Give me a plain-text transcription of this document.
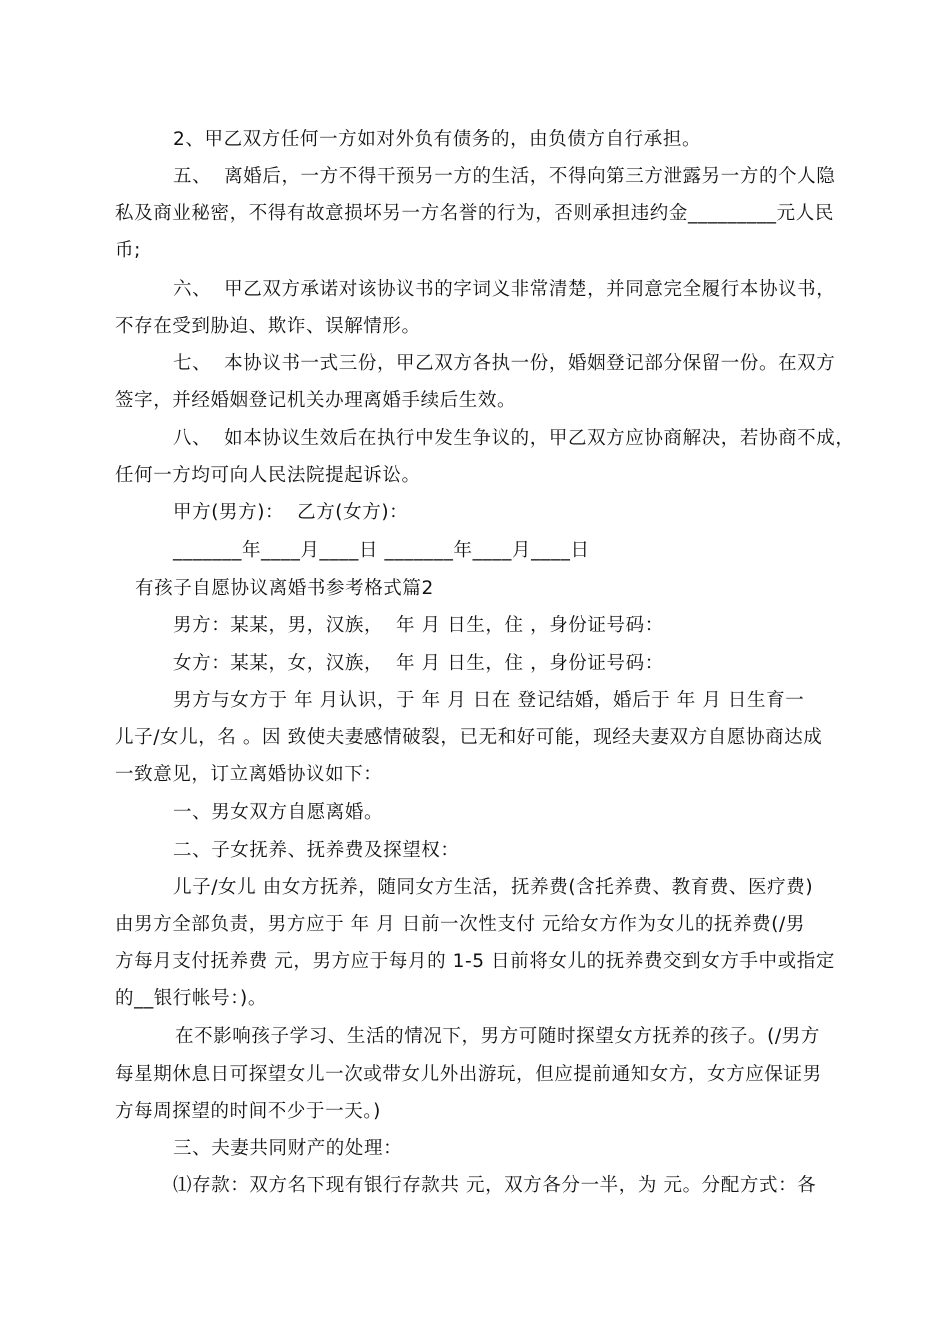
2、甲乙双方任何一方如对外负有债务的，由负债方自行承担。
五、  离婚后，一方不得干预另一方的生活，不得向第三方泄露另一方的个人隐
私及商业秘密，不得有故意损坏另一方名誉的行为，否则承担违约金_________元人民
币;
六、  甲乙双方承诺对该协议书的字词义非常清楚，并同意完全履行本协议书，
不存在受到胁迫、欺诈、误解情形。
七、  本协议书一式三份，甲乙双方各执一份，婚姻登记部分保留一份。在双方
签字，并经婚姻登记机关办理离婚手续后生效。
八、  如本协议生效后在执行中发生争议的，甲乙双方应协商解决，若协商不成，
任何一方均可向人民法院提起诉讼。
甲方(男方)：  乙方(女方)：
_______年____月____日 _______年____月____日
有孩子自愿协议离婚书参考格式篇2
男方：某某，男，汉族，  年 月 日生，住 ，身份证号码：
女方：某某，女，汉族，  年 月 日生，住 ，身份证号码：
男方与女方于 年 月认识，于 年 月 日在 登记结婚，婚后于 年 月 日生育一
儿子/女儿，名 。因 致使夫妻感情破裂，已无和好可能，现经夫妻双方自愿协商达成
一致意见，订立离婚协议如下：
一、男女双方自愿离婚。
二、子女抚养、抚养费及探望权：
儿子/女儿 由女方抚养，随同女方生活，抚养费(含托养费、教育费、医疗费)
由男方全部负责，男方应于 年 月 日前一次性支付 元给女方作为女儿的抚养费(/男
方每月支付抚养费 元，男方应于每月的 1-5 日前将女儿的抚养费交到女方手中或指定
的__银行帐号：)。
在不影响孩子学习、生活的情况下，男方可随时探望女方抚养的孩子。(/男方
每星期休息日可探望女儿一次或带女儿外出游玩，但应提前通知女方，女方应保证男
方每周探望的时间不少于一天。)
三、夫妻共同财产的处理：
⑴存款：双方名下现有银行存款共 元，双方各分一半，为 元。分配方式：各
